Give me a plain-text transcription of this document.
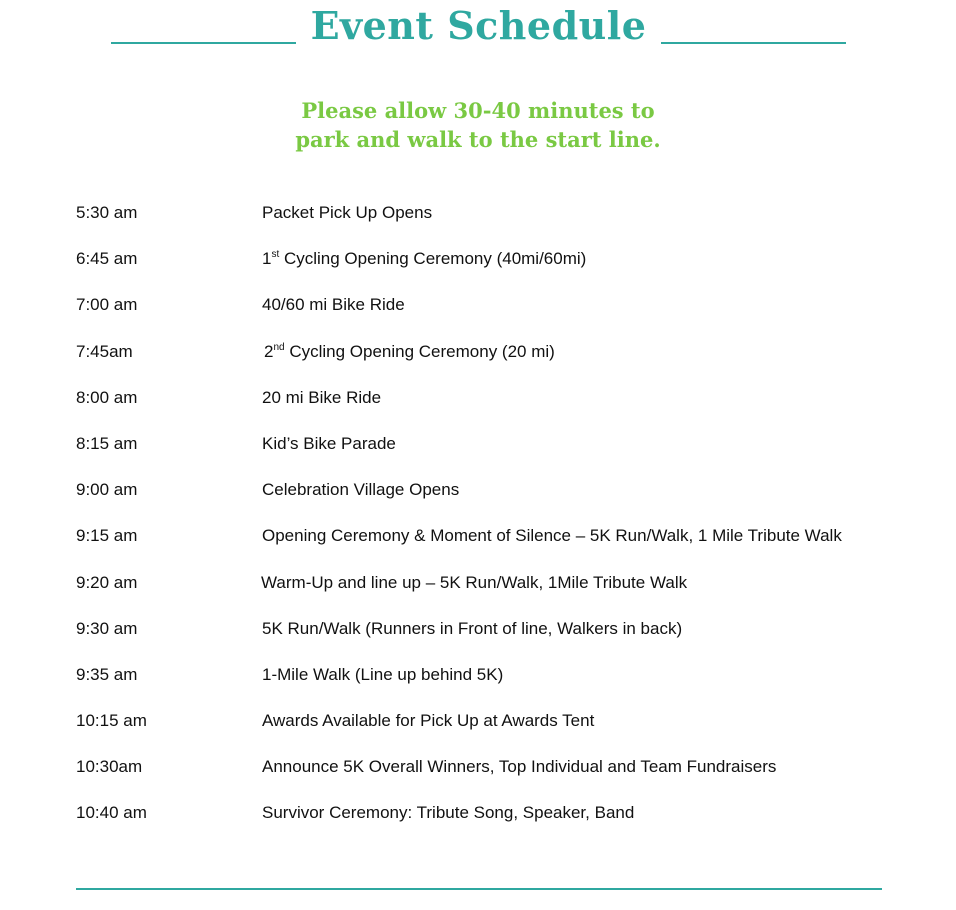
Event Schedule
Please allow 30-40 minutes to
park and walk to the start line.
5:30 am	Packet Pick Up Opens
6:45 am	1st Cycling Opening Ceremony (40mi/60mi)
7:00 am	40/60 mi Bike Ride
7:45am	2nd Cycling Opening Ceremony (20 mi)
8:00 am	20 mi Bike Ride
8:15 am	Kid’s Bike Parade
9:00 am	Celebration Village Opens
9:15 am	Opening Ceremony & Moment of Silence – 5K Run/Walk, 1 Mile Tribute Walk
9:20 am	Warm-Up and line up – 5K Run/Walk, 1Mile Tribute Walk
9:30 am	5K Run/Walk (Runners in Front of line, Walkers in back)
9:35 am	1-Mile Walk (Line up behind 5K)
10:15 am	Awards Available for Pick Up at Awards Tent
10:30am	Announce 5K Overall Winners, Top Individual and Team Fundraisers
10:40 am	Survivor Ceremony: Tribute Song, Speaker, Band
